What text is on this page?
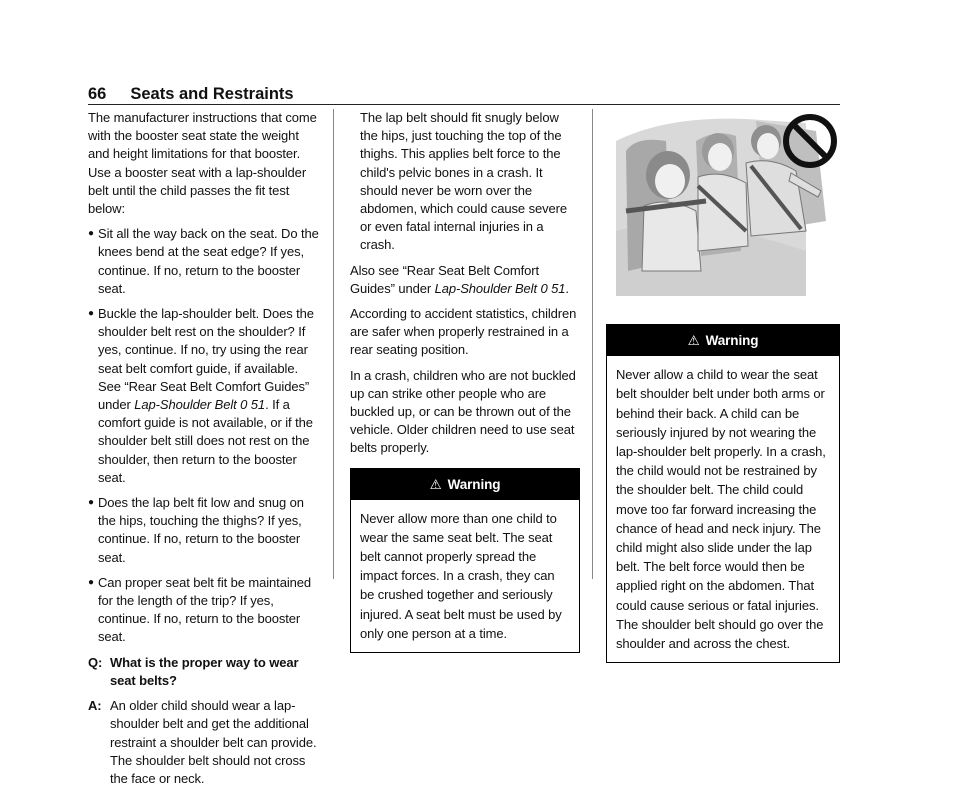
66 Seats and Restraints

The manufacturer instructions that come with the booster seat state the weight and height limitations for that booster. Use a booster seat with a lap-shoulder belt until the child passes the fit test below:

● Sit all the way back on the seat. Do the knees bend at the seat edge? If yes, continue. If no, return to the booster seat.
● Buckle the lap-shoulder belt. Does the shoulder belt rest on the shoulder? If yes, continue. If no, try using the rear seat belt comfort guide, if available. See “Rear Seat Belt Comfort Guides” under Lap-Shoulder Belt 0 51. If a comfort guide is not available, or if the shoulder belt still does not rest on the shoulder, then return to the booster seat.
● Does the lap belt fit low and snug on the hips, touching the thighs? If yes, continue. If no, return to the booster seat.
● Can proper seat belt fit be maintained for the length of the trip? If yes, continue. If no, return to the booster seat.
Q: What is the proper way to wear seat belts?
A: An older child should wear a lap-shoulder belt and get the additional restraint a shoulder belt can provide. The shoulder belt should not cross the face or neck.

The lap belt should fit snugly below the hips, just touching the top of the thighs. This applies belt force to the child's pelvic bones in a crash. It should never be worn over the abdomen, which could cause severe or even fatal internal injuries in a crash.

Also see “Rear Seat Belt Comfort Guides” under Lap-Shoulder Belt 0 51.

According to accident statistics, children are safer when properly restrained in a rear seating position.

In a crash, children who are not buckled up can strike other people who are buckled up, or can be thrown out of the vehicle. Older children need to use seat belts properly.

⚠ Warning
Never allow more than one child to wear the same seat belt. The seat belt cannot properly spread the impact forces. In a crash, they can be crushed together and seriously injured. A seat belt must be used by only one person at a time.
⚠ Warning
Never allow a child to wear the seat belt shoulder belt under both arms or behind their back. A child can be seriously injured by not wearing the lap-shoulder belt properly. In a crash, the child would not be restrained by the shoulder belt. The child could move too far forward increasing the chance of head and neck injury. The child might also slide under the lap belt. The belt force would then be applied right on the abdomen. That could cause serious or fatal injuries. The shoulder belt should go over the shoulder and across the chest.
